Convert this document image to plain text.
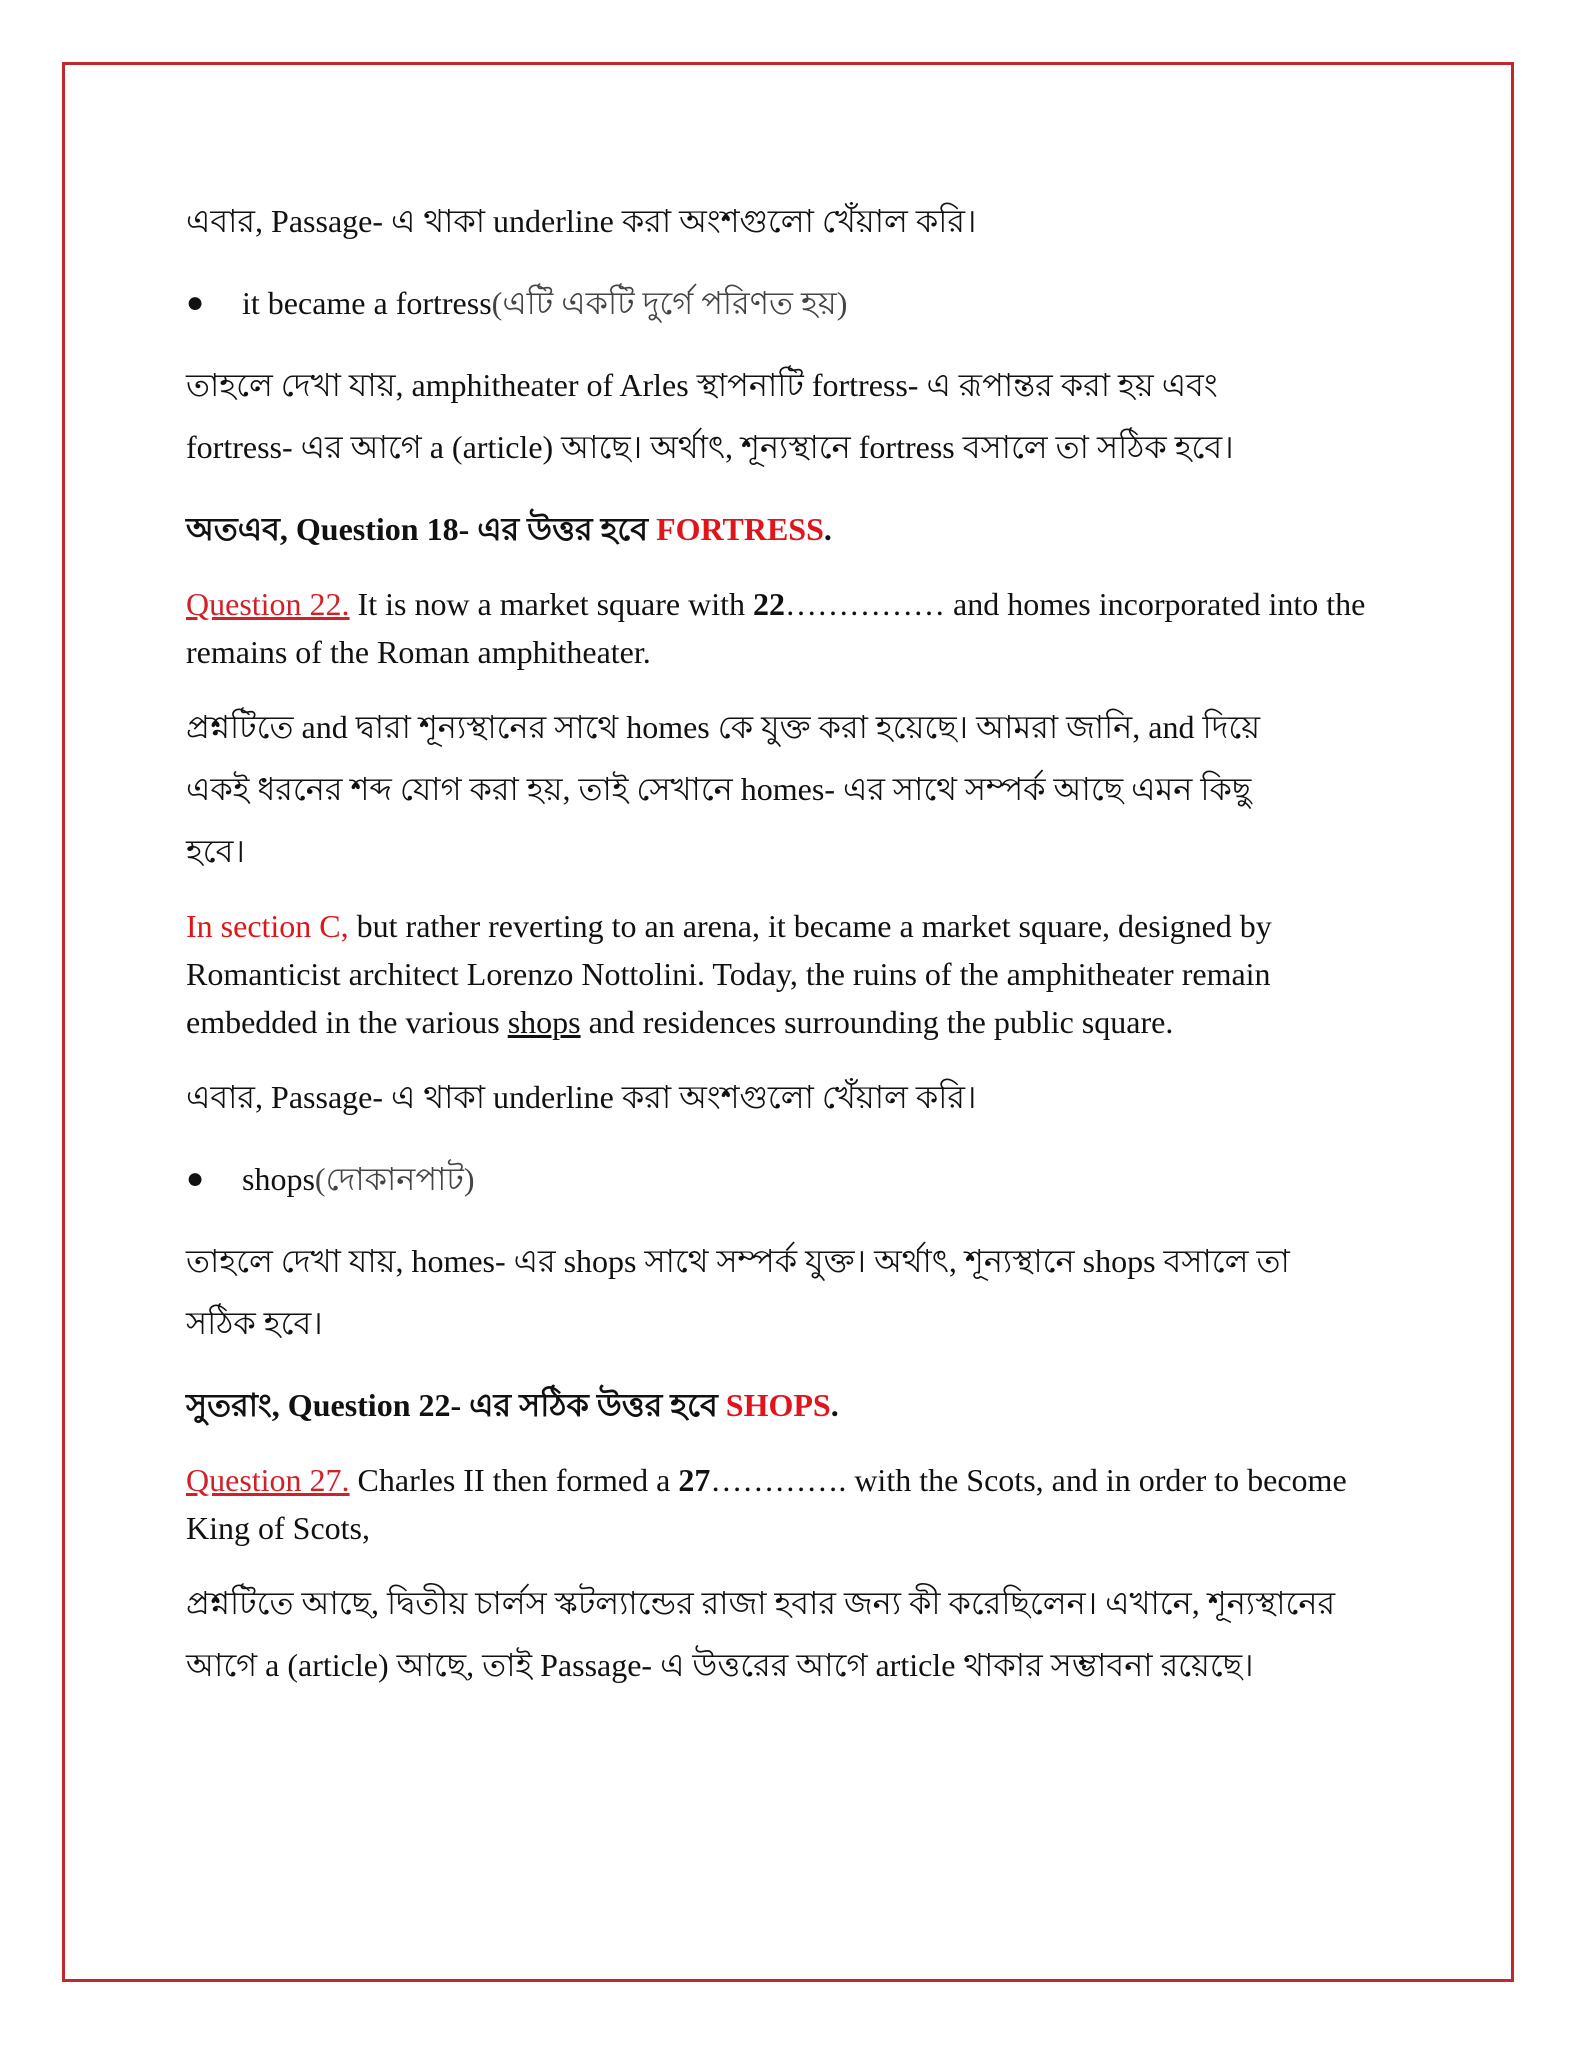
এবার, Passage- এ থাকা underline করা অংশগুলো খেঁয়াল করি।

●	it became a fortress (এটি একটি দুর্গে পরিণত হয়)

তাহলে দেখা যায়, amphitheater of Arles স্থাপনাটি fortress- এ রূপান্তর করা হয় এবং
fortress- এর আগে a (article) আছে। অর্থাৎ, শূন্যস্থানে fortress বসালে তা সঠিক হবে।

অতএব, Question 18- এর উত্তর হবে FORTRESS.

Question 22. It is now a market square with 22…………… and homes incorporated into the remains of the Roman amphitheater.

প্রশ্নটিতে and দ্বারা শূন্যস্থানের সাথে homes কে যুক্ত করা হয়েছে। আমরা জানি, and দিয়ে
একই ধরনের শব্দ যোগ করা হয়, তাই সেখানে homes- এর সাথে সম্পর্ক আছে এমন কিছু
হবে।

In section C, but rather reverting to an arena, it became a market square, designed by Romanticist architect Lorenzo Nottolini. Today, the ruins of the amphitheater remain embedded in the various shops and residences surrounding the public square.

এবার, Passage- এ থাকা underline করা অংশগুলো খেঁয়াল করি।

●	shops (দোকানপাট)

তাহলে দেখা যায়, homes- এর shops সাথে সম্পর্ক যুক্ত। অর্থাৎ, শূন্যস্থানে shops বসালে তা
সঠিক হবে।

সুতরাং, Question 22- এর সঠিক উত্তর হবে SHOPS.

Question 27. Charles II then formed a 27…………. with the Scots, and in order to become King of Scots,

প্রশ্নটিতে আছে, দ্বিতীয় চার্লস স্কটল্যান্ডের রাজা হবার জন্য কী করেছিলেন। এখানে, শূন্যস্থানের
আগে a (article) আছে, তাই Passage- এ উত্তরের আগে article থাকার সম্ভাবনা রয়েছে।
